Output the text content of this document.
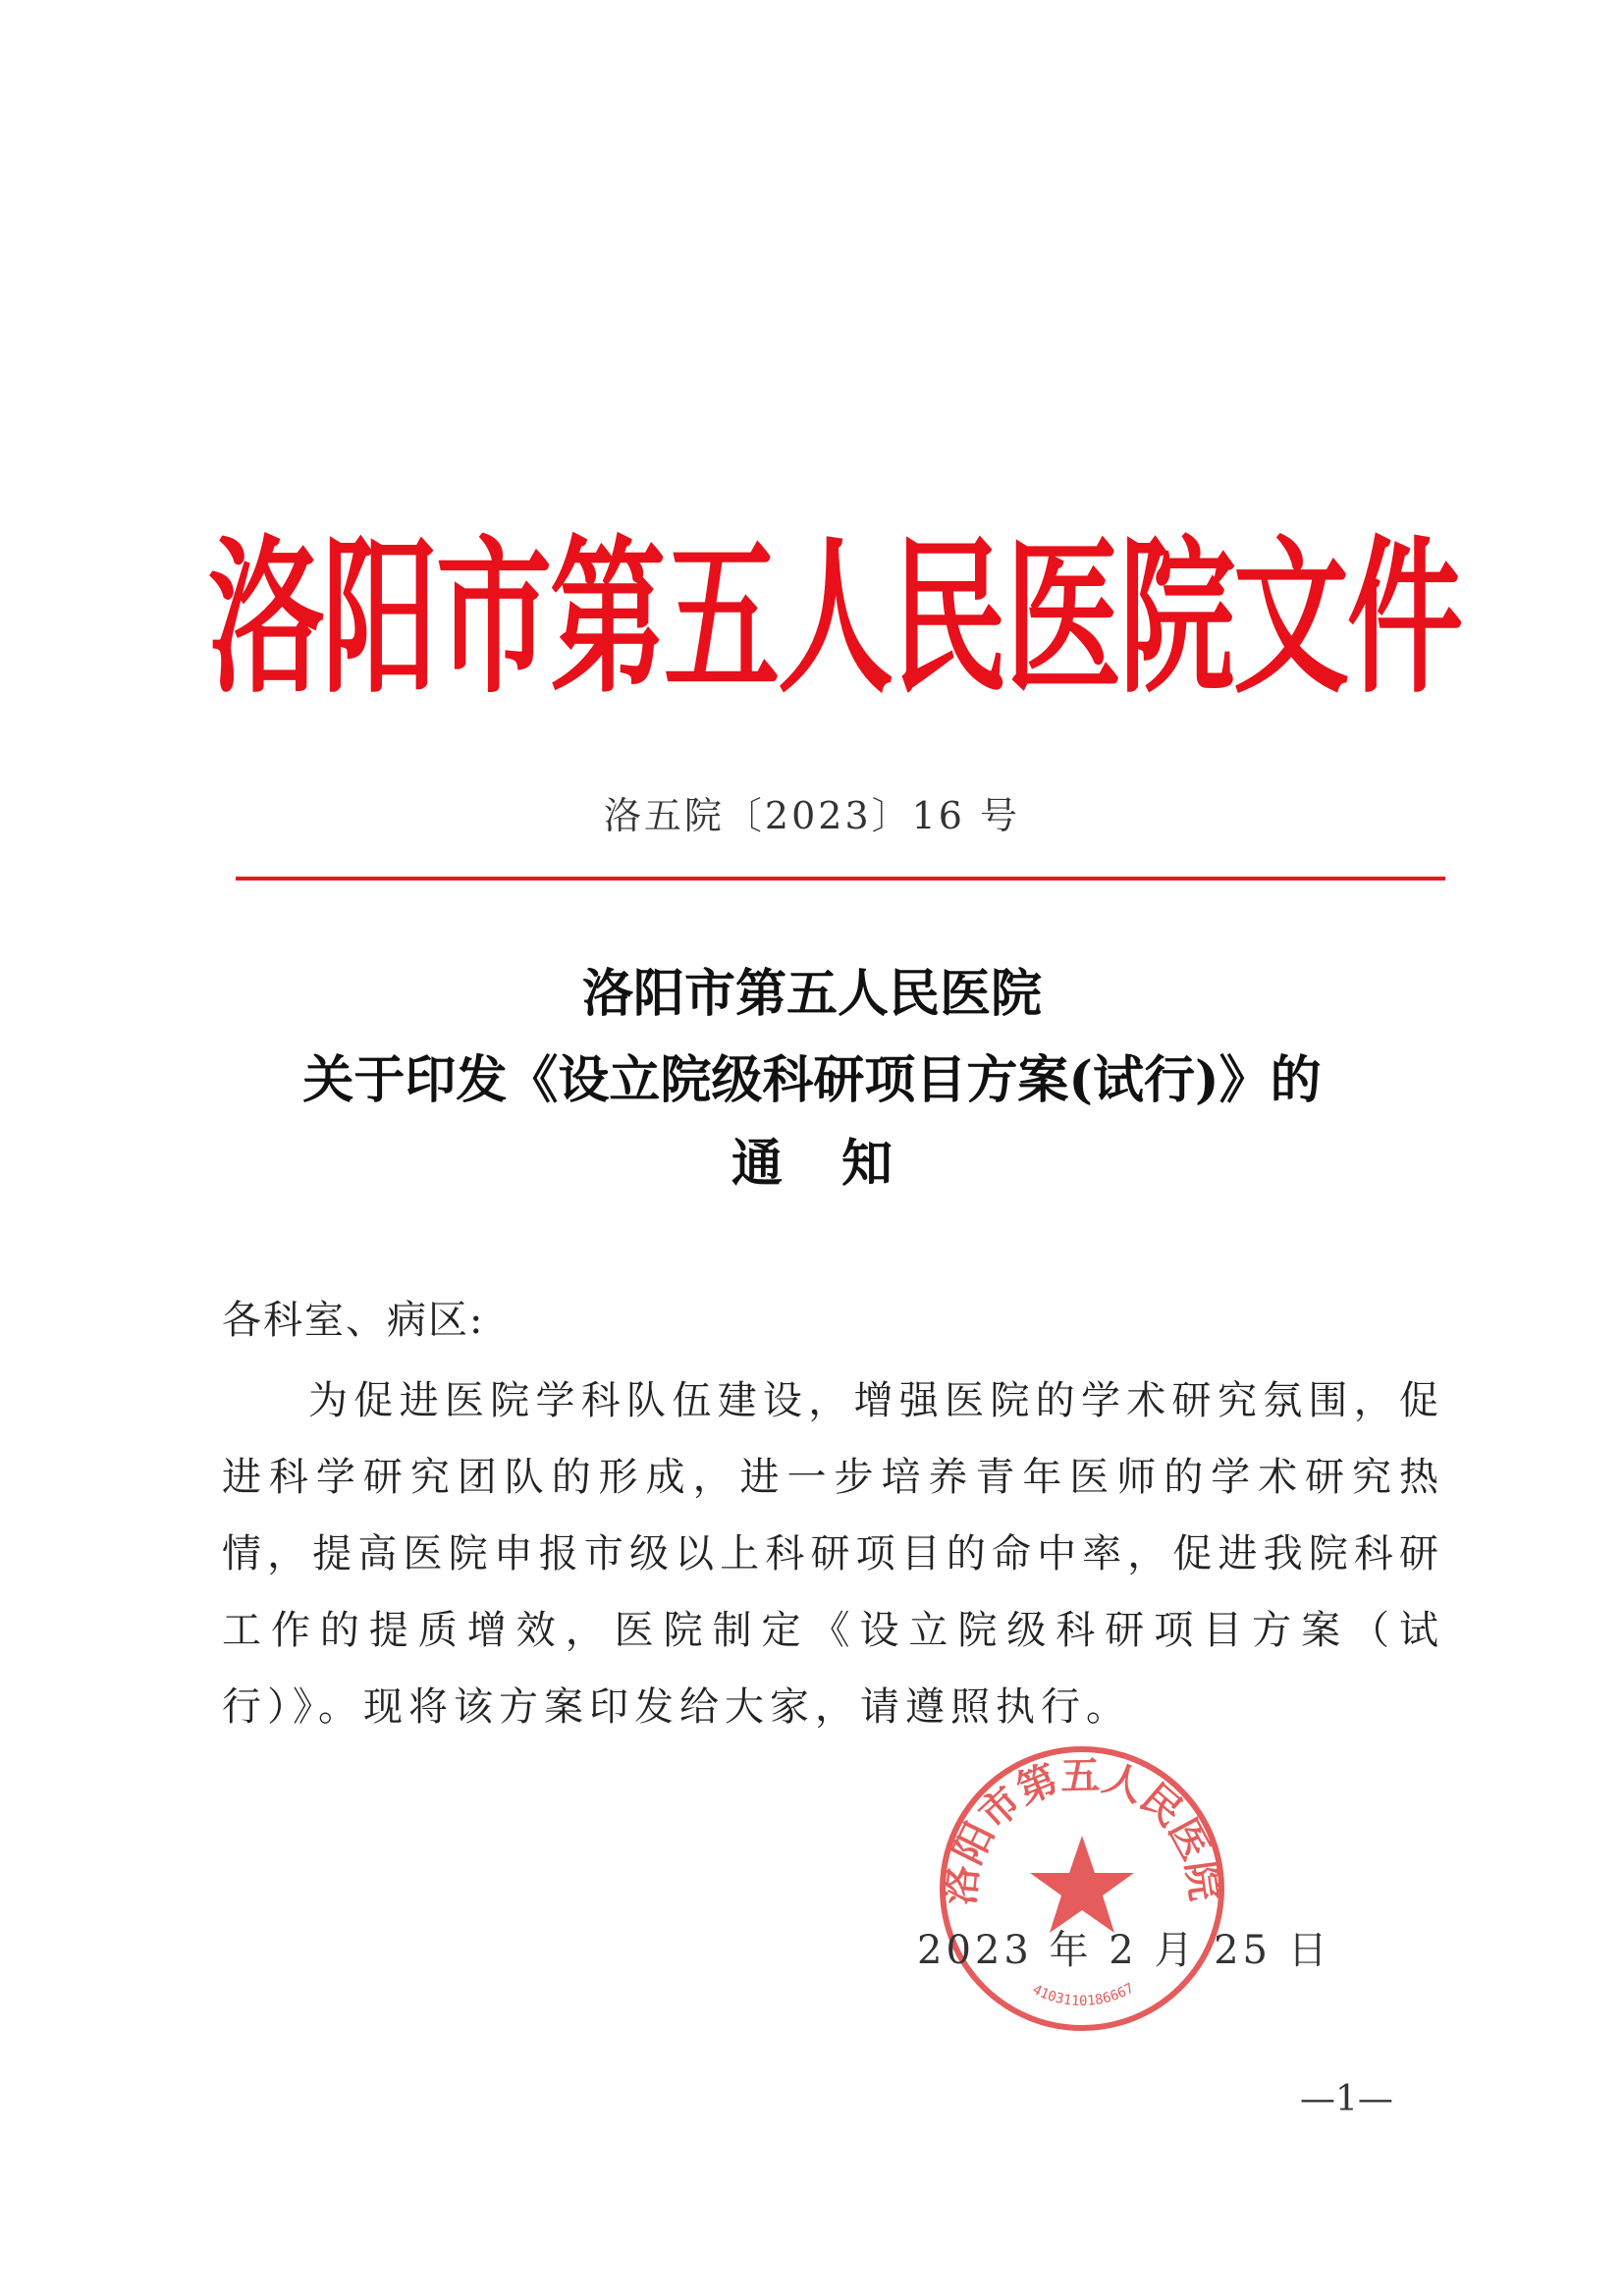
洛阳市第五人民医院文件
洛五院〔2023〕16 号
洛阳市第五人民医院
关于印发《设立院级科研项目方案(试行)》的
通知
各科室、病区:
为促进医院学科队伍建设，增强医院的学术研究氛围，促进科学研究团队的形成，进一步培养青年医师的学术研究热情，提高医院申报市级以上科研项目的命中率，促进我院科研工作的提质增效，医院制定《设立院级科研项目方案（试行）》。现将该方案印发给大家，请遵照执行。
洛阳市第五人民医院
4103110186667
2023 年 2 月 25 日
—1—
